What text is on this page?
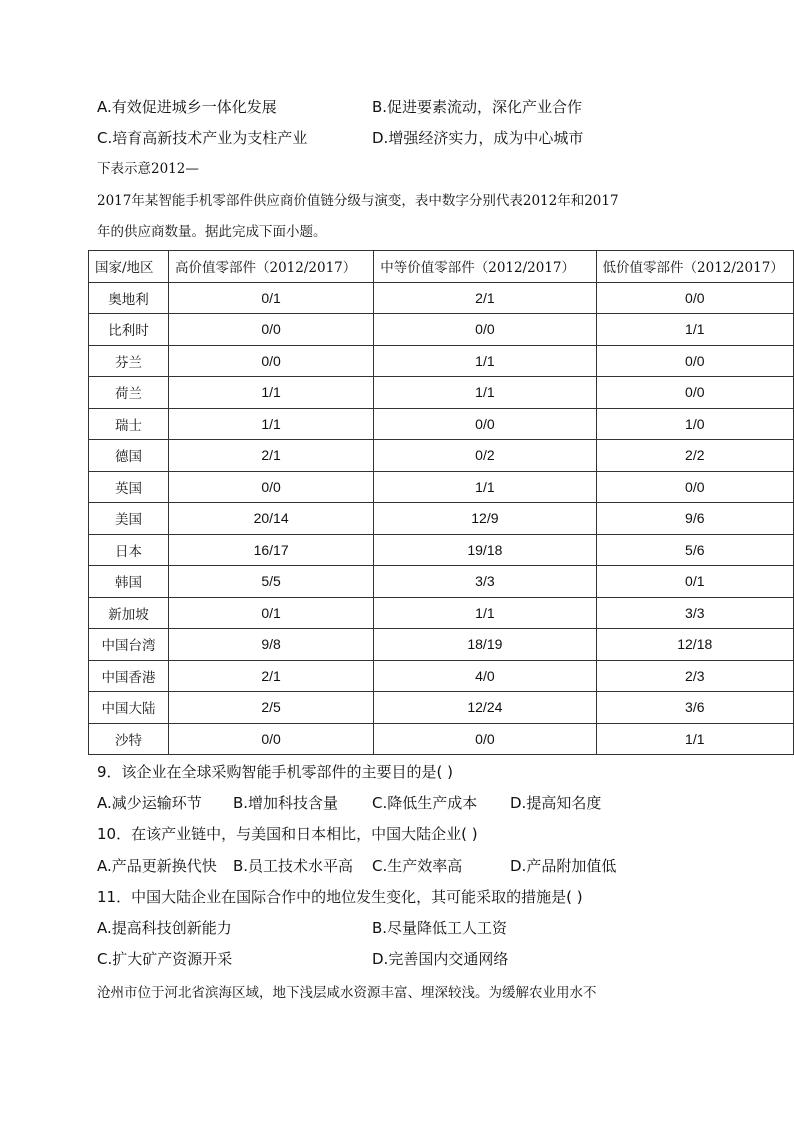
A.有效促进城乡一体化发展	B.促进要素流动，深化产业合作
C.培育高新技术产业为支柱产业	D.增强经济实力，成为中心城市
下表示意2012—
2017年某智能手机零部件供应商价值链分级与演变，表中数字分别代表2012年和2017
年的供应商数量。据此完成下面小题。
国家/地区	高价值零部件（2012/2017）	中等价值零部件（2012/2017）	低价值零部件（2012/2017）
奥地利	0/1	2/1	0/0
比利时	0/0	0/0	1/1
芬兰	0/0	1/1	0/0
荷兰	1/1	1/1	0/0
瑞士	1/1	0/0	1/0
德国	2/1	0/2	2/2
英国	0/0	1/1	0/0
美国	20/14	12/9	9/6
日本	16/17	19/18	5/6
韩国	5/5	3/3	0/1
新加坡	0/1	1/1	3/3
中国台湾	9/8	18/19	12/18
中国香港	2/1	4/0	2/3
中国大陆	2/5	12/24	3/6
沙特	0/0	0/0	1/1
9．该企业在全球采购智能手机零部件的主要目的是( )
A.减少运输环节 B.增加科技含量 C.降低生产成本 D.提高知名度
10．在该产业链中，与美国和日本相比，中国大陆企业( )
A.产品更新换代快 B.员工技术水平高 C.生产效率高	D.产品附加值低
11．中国大陆企业在国际合作中的地位发生变化，其可能采取的措施是( )
A.提高科技创新能力	B.尽量降低工人工资
C.扩大矿产资源开采	D.完善国内交通网络
沧州市位于河北省滨海区域，地下浅层咸水资源丰富、埋深较浅。为缓解农业用水不
